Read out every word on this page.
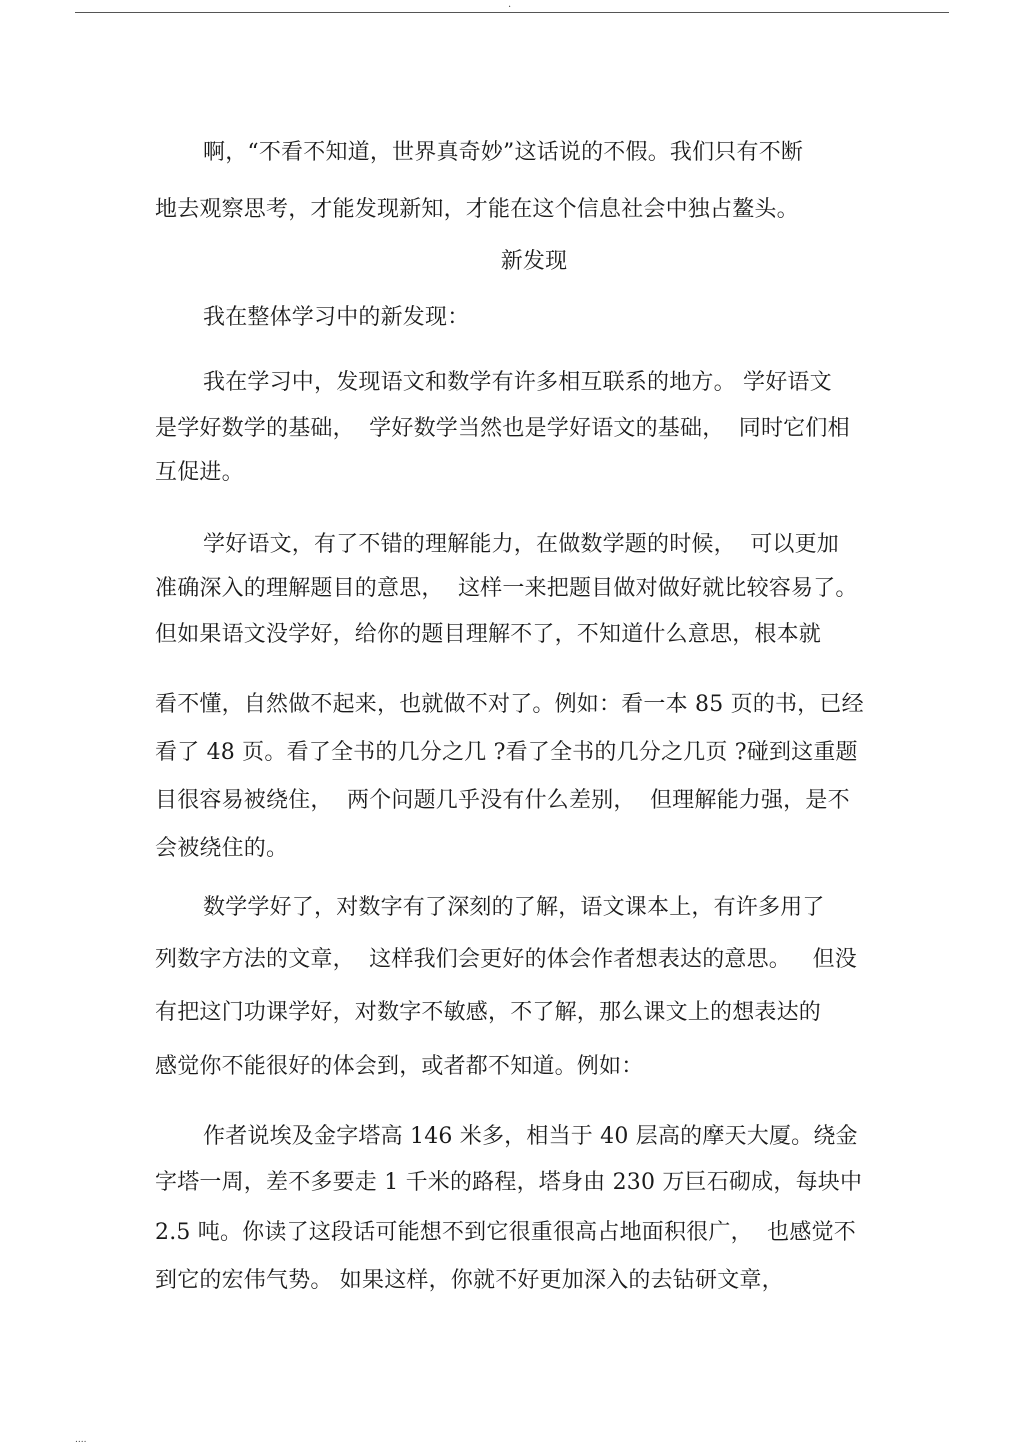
.
啊，“不看不知道，世界真奇妙”这话说的不假。我们只有不断
地去观察思考，才能发现新知，才能在这个信息社会中独占鳌头。
新发现
我在整体学习中的新发现：
我在学习中，发现语文和数学有许多相互联系的地方。 学好语文
是学好数学的基础，  学好数学当然也是学好语文的基础，  同时它们相
互促进。
学好语文，有了不错的理解能力，在做数学题的时候，  可以更加
准确深入的理解题目的意思，  这样一来把题目做对做好就比较容易了。
但如果语文没学好，给你的题目理解不了，不知道什么意思，根本就
看不懂，自然做不起来，也就做不对了。例如：看一本 85 页的书，已经
看了 48 页。看了全书的几分之几 ?看了全书的几分之几页 ?碰到这重题
目很容易被绕住，  两个问题几乎没有什么差别，  但理解能力强，是不
会被绕住的。
数学学好了，对数字有了深刻的了解，语文课本上，有许多用了
列数字方法的文章，  这样我们会更好的体会作者想表达的意思。   但没
有把这门功课学好，对数字不敏感，不了解，那么课文上的想表达的
感觉你不能很好的体会到，或者都不知道。例如：
作者说埃及金字塔高 146 米多，相当于 40 层高的摩天大厦。绕金
字塔一周，差不多要走 1 千米的路程，塔身由 230 万巨石砌成，每块中
2.5 吨。你读了这段话可能想不到它很重很高占地面积很广，  也感觉不
到它的宏伟气势。 如果这样，你就不好更加深入的去钻研文章，
....
